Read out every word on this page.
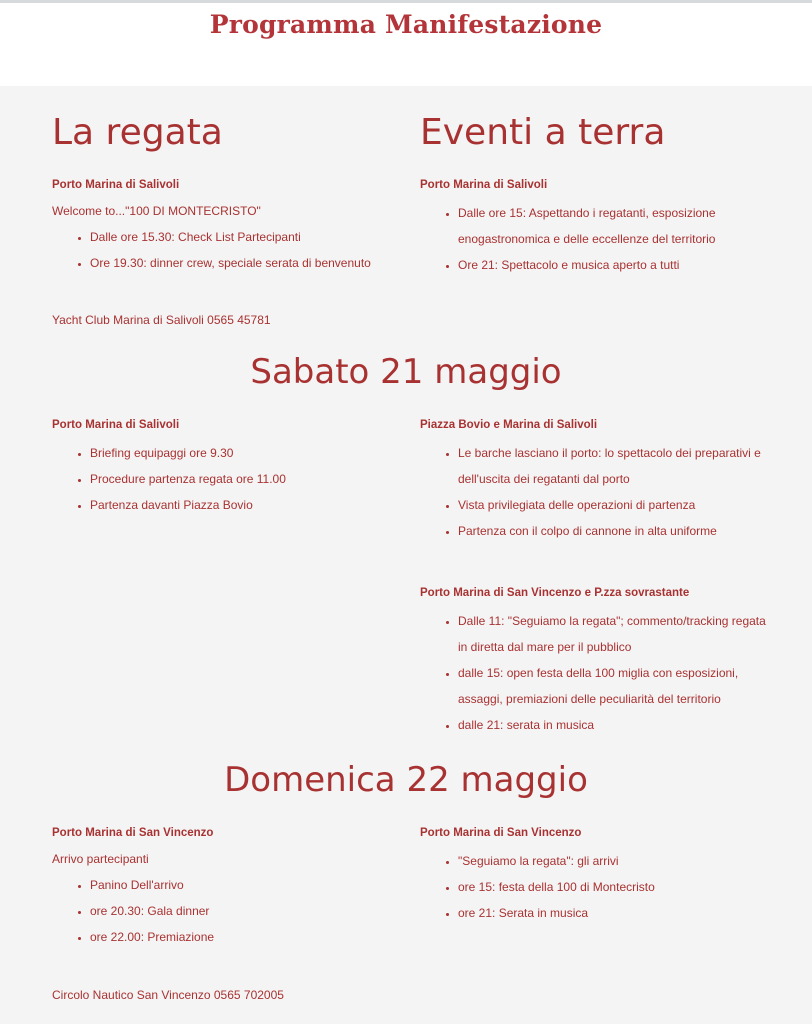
Programma Manifestazione
La regata

Porto Marina di Salivoli

Welcome to..."100 DI MONTECRISTO"

• Dalle ore 15.30: Check List Partecipanti
• Ore 19.30: dinner crew, speciale serata di benvenuto

Yacht Club Marina di Salivoli 0565 45781

Eventi a terra

Porto Marina di Salivoli

• Dalle ore 15: Aspettando i regatanti, esposizione enogastronomica e delle eccellenze del territorio
• Ore 21: Spettacolo e musica aperto a tutti
Sabato 21 maggio

Porto Marina di Salivoli

• Briefing equipaggi ore 9.30
• Procedure partenza regata ore 11.00
• Partenza davanti Piazza Bovio

Piazza Bovio e Marina di Salivoli

• Le barche lasciano il porto: lo spettacolo dei preparativi e dell'uscita dei regatanti dal porto
• Vista privilegiata delle operazioni di partenza
• Partenza con il colpo di cannone in alta uniforme

Porto Marina di San Vincenzo e P.zza sovrastante

• Dalle 11: "Seguiamo la regata"; commento/tracking regata in diretta dal mare per il pubblico
• dalle 15: open festa della 100 miglia con esposizioni, assaggi, premiazioni delle peculiarità del territorio
• dalle 21: serata in musica
Domenica 22 maggio

Porto Marina di San Vincenzo

Arrivo partecipanti

• Panino Dell'arrivo
• ore 20.30: Gala dinner
• ore 22.00: Premiazione

Circolo Nautico San Vincenzo 0565 702005

Porto Marina di San Vincenzo

• "Seguiamo la regata": gli arrivi
• ore 15: festa della 100 di Montecristo
• ore 21: Serata in musica
